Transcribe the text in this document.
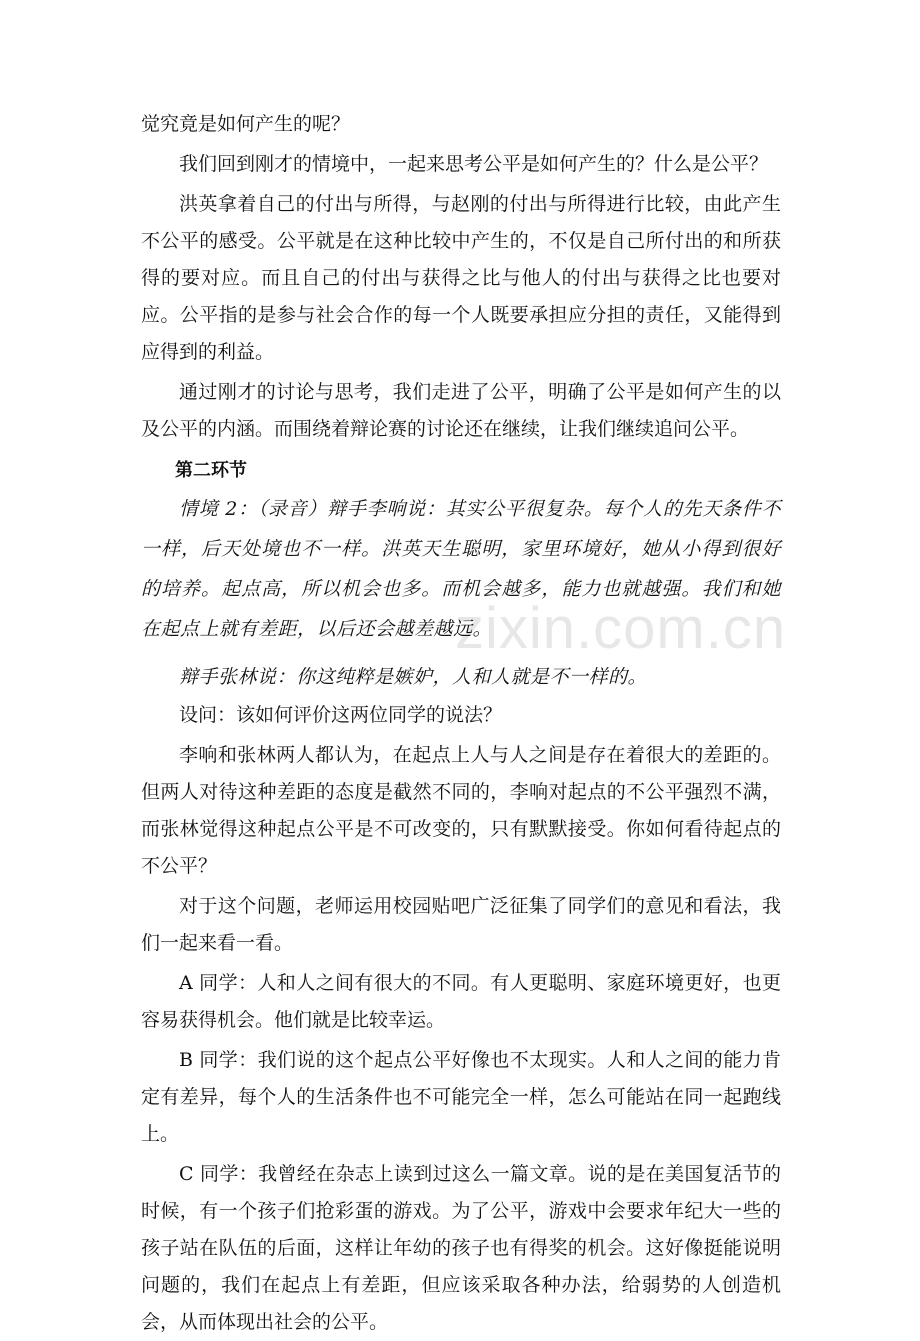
zixin.com.cn

觉究竟是如何产生的呢？

我们回到刚才的情境中，一起来思考公平是如何产生的？什么是公平？

洪英拿着自己的付出与所得，与赵刚的付出与所得进行比较，由此产生不公平的感受。公平就是在这种比较中产生的，不仅是自己所付出的和所获得的要对应。而且自己的付出与获得之比与他人的付出与获得之比也要对应。公平指的是参与社会合作的每一个人既要承担应分担的责任，又能得到应得到的利益。

通过刚才的讨论与思考，我们走进了公平，明确了公平是如何产生的以及公平的内涵。而围绕着辩论赛的讨论还在继续，让我们继续追问公平。

第二环节

情境 2：（录音）辩手李响说：其实公平很复杂。每个人的先天条件不一样，后天处境也不一样。洪英天生聪明，家里环境好，她从小得到很好的培养。起点高，所以机会也多。而机会越多，能力也就越强。我们和她在起点上就有差距，以后还会越差越远。

辩手张林说：你这纯粹是嫉妒，人和人就是不一样的。

设问：该如何评价这两位同学的说法？

李响和张林两人都认为，在起点上人与人之间是存在着很大的差距的。但两人对待这种差距的态度是截然不同的，李响对起点的不公平强烈不满，而张林觉得这种起点公平是不可改变的，只有默默接受。你如何看待起点的不公平？

对于这个问题，老师运用校园贴吧广泛征集了同学们的意见和看法，我们一起来看一看。

A 同学：人和人之间有很大的不同。有人更聪明、家庭环境更好，也更容易获得机会。他们就是比较幸运。

B 同学：我们说的这个起点公平好像也不太现实。人和人之间的能力肯定有差异，每个人的生活条件也不可能完全一样，怎么可能站在同一起跑线上。

C 同学：我曾经在杂志上读到过这么一篇文章。说的是在美国复活节的时候，有一个孩子们抢彩蛋的游戏。为了公平，游戏中会要求年纪大一些的孩子站在队伍的后面，这样让年幼的孩子也有得奖的机会。这好像挺能说明问题的，我们在起点上有差距，但应该采取各种办法，给弱势的人创造机会，从而体现出社会的公平。
